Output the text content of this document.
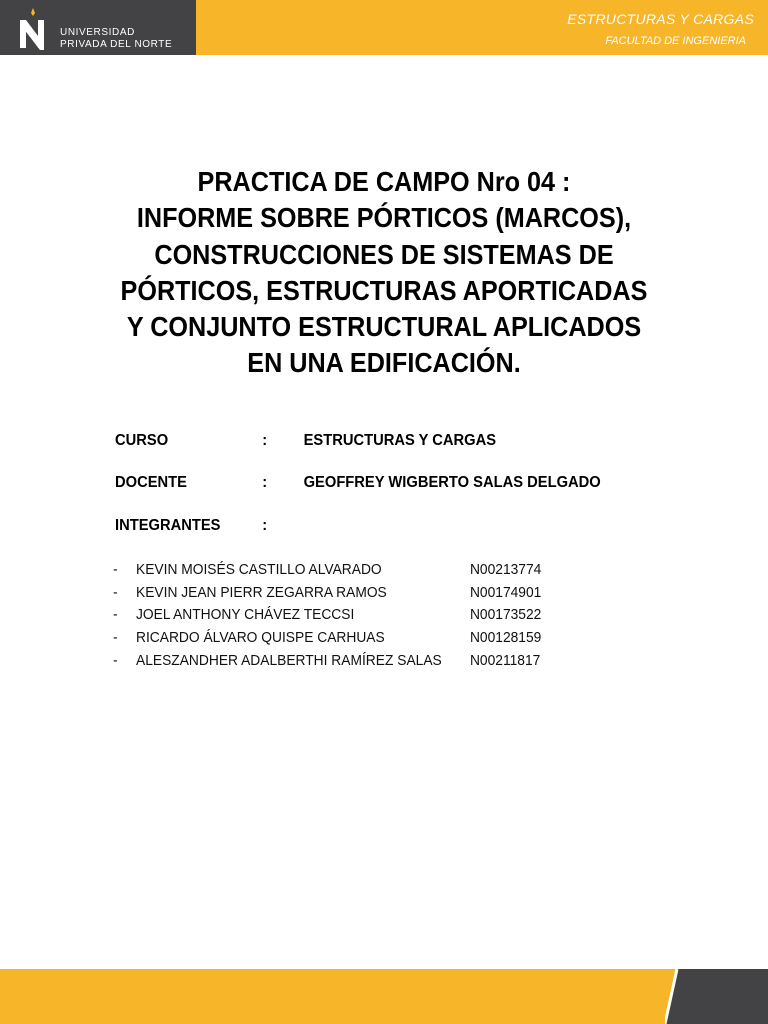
UNIVERSIDAD
PRIVADA DEL NORTE
ESTRUCTURAS Y CARGAS
FACULTAD DE INGENIERIA
PRACTICA DE CAMPO Nro 04 :
INFORME SOBRE PÓRTICOS (MARCOS),
CONSTRUCCIONES DE SISTEMAS DE
PÓRTICOS, ESTRUCTURAS APORTICADAS
Y CONJUNTO ESTRUCTURAL APLICADOS
EN UNA EDIFICACIÓN.
CURSO	: ESTRUCTURAS Y CARGAS
DOCENTE	: GEOFFREY WIGBERTO SALAS DELGADO
INTEGRANTES	:
- KEVIN MOISÉS CASTILLO ALVARADO	N00213774
- KEVIN JEAN PIERR ZEGARRA RAMOS	N00174901
- JOEL ANTHONY CHÁVEZ TECCSI	N00173522
- RICARDO ÁLVARO QUISPE CARHUAS	N00128159
- ALESZANDHER ADALBERTHI RAMÍREZ SALAS N00211817
